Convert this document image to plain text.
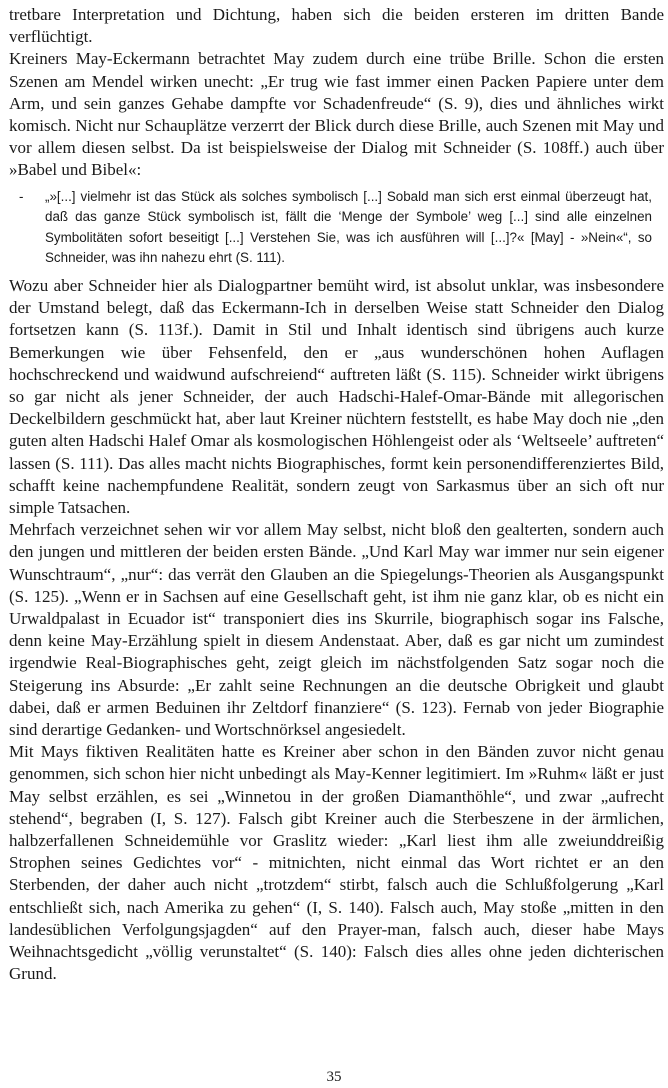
tretbare Interpretation und Dichtung, haben sich die beiden ersteren im dritten Bande verflüchtigt.

Kreiners May-Eckermann betrachtet May zudem durch eine trübe Brille. Schon die ersten Szenen am Mendel wirken unecht: „Er trug wie fast immer einen Packen Papiere unter dem Arm, und sein ganzes Gehabe dampfte vor Schadenfreude“ (S. 9), dies und ähnliches wirkt komisch. Nicht nur Schauplätze verzerrt der Blick durch diese Brille, auch Szenen mit May und vor allem diesen selbst. Da ist beispielsweise der Dialog mit Schneider (S. 108ff.) auch über »Babel und Bibel«:

- „»[...] vielmehr ist das Stück als solches symbolisch [...] Sobald man sich erst einmal überzeugt hat, daß das ganze Stück symbolisch ist, fällt die ‘Menge der Symbole’ weg [...] sind alle einzelnen Symbolitäten sofort beseitigt [...] Verstehen Sie, was ich ausführen will [...]?« [May] - »Nein«“, so Schneider, was ihn nahezu ehrt (S. 111).

Wozu aber Schneider hier als Dialogpartner bemüht wird, ist absolut unklar, was insbesondere der Umstand belegt, daß das Eckermann-Ich in derselben Weise statt Schneider den Dialog fortsetzen kann (S. 113f.). Damit in Stil und Inhalt identisch sind übrigens auch kurze Bemerkungen wie über Fehsenfeld, den er „aus wunderschönen hohen Auflagen hochschreckend und waidwund aufschreiend“ auftreten läßt (S. 115). Schneider wirkt übrigens so gar nicht als jener Schneider, der auch Hadschi-Halef-Omar-Bände mit allegorischen Deckelbildern geschmückt hat, aber laut Kreiner nüchtern feststellt, es habe May doch nie „den guten alten Hadschi Halef Omar als kosmologischen Höhlengeist oder als ‘Weltseele’ auftreten“ lassen (S. 111). Das alles macht nichts Biographisches, formt kein personendifferenziertes Bild, schafft keine nachempfundene Realität, sondern zeugt von Sarkasmus über an sich oft nur simple Tatsachen.

Mehrfach verzeichnet sehen wir vor allem May selbst, nicht bloß den gealterten, sondern auch den jungen und mittleren der beiden ersten Bände. „Und Karl May war immer nur sein eigener Wunschtraum“, „nur“: das verrät den Glauben an die Spiegelungs-Theorien als Ausgangspunkt (S. 125). „Wenn er in Sachsen auf eine Gesellschaft geht, ist ihm nie ganz klar, ob es nicht ein Urwaldpalast in Ecuador ist“ transponiert dies ins Skurrile, biographisch sogar ins Falsche, denn keine May-Erzählung spielt in diesem Andenstaat. Aber, daß es gar nicht um zumindest irgendwie Real-Biographisches geht, zeigt gleich im nächstfolgenden Satz sogar noch die Steigerung ins Absurde: „Er zahlt seine Rechnungen an die deutsche Obrigkeit und glaubt dabei, daß er armen Beduinen ihr Zeltdorf finanziere“ (S. 123). Fernab von jeder Biographie sind derartige Gedanken- und Wortschnörksel angesiedelt.

Mit Mays fiktiven Realitäten hatte es Kreiner aber schon in den Bänden zuvor nicht genau genommen, sich schon hier nicht unbedingt als May-Kenner legitimiert. Im »Ruhm« läßt er just May selbst erzählen, es sei „Winnetou in der großen Diamanthöhle“, und zwar „aufrecht stehend“, begraben (I, S. 127). Falsch gibt Kreiner auch die Sterbeszene in der ärmlichen, halbzerfallenen Schneidemühle vor Graslitz wieder: „Karl liest ihm alle zweiunddreißig Strophen seines Gedichtes vor“ - mitnichten, nicht einmal das Wort richtet er an den Sterbenden, der daher auch nicht „trotzdem“ stirbt, falsch auch die Schlußfolgerung „Karl entschließt sich, nach Amerika zu gehen“ (I, S. 140). Falsch auch, May stoße „mitten in den landesüblichen Verfolgungsjagden“ auf den Prayer-man, falsch auch, dieser habe Mays Weihnachtsgedicht „völlig verunstaltet“ (S. 140): Falsch dies alles ohne jeden dichterischen Grund.

35
